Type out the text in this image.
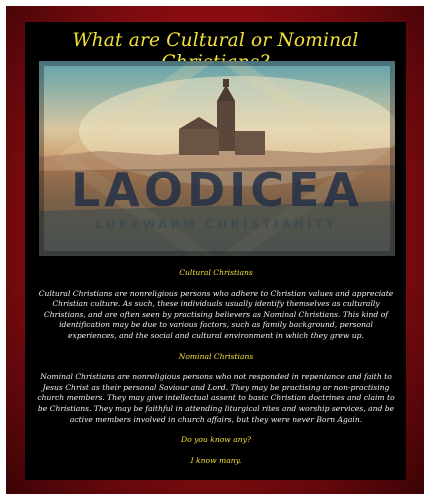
What are Cultural or Nominal
LAODICEA
LUKEWARM CHRISTIANITY

Cultural Christians

Cultural Christians are nonreligious persons who adhere to Christian values and appreciate Christian culture. As such, these individuals usually identify themselves as culturally Christians, and are often seen by practising believers as Nominal Christians. This kind of identification may be due to various factors, such as family background, personal experiences, and the social and cultural environment in which they grew up.

Nominal Christians

Nominal Christians are nonreligious persons who not responded in repentance and faith to Jesus Christ as their personal Saviour and Lord. They may be practising or non-practising church members. They may give intellectual assent to basic Christian doctrines and claim to be Christians. They may be faithful in attending liturgical rites and worship services, and be active members involved in church affairs, but they were never Born Again.

Do you know any?

I know many.
